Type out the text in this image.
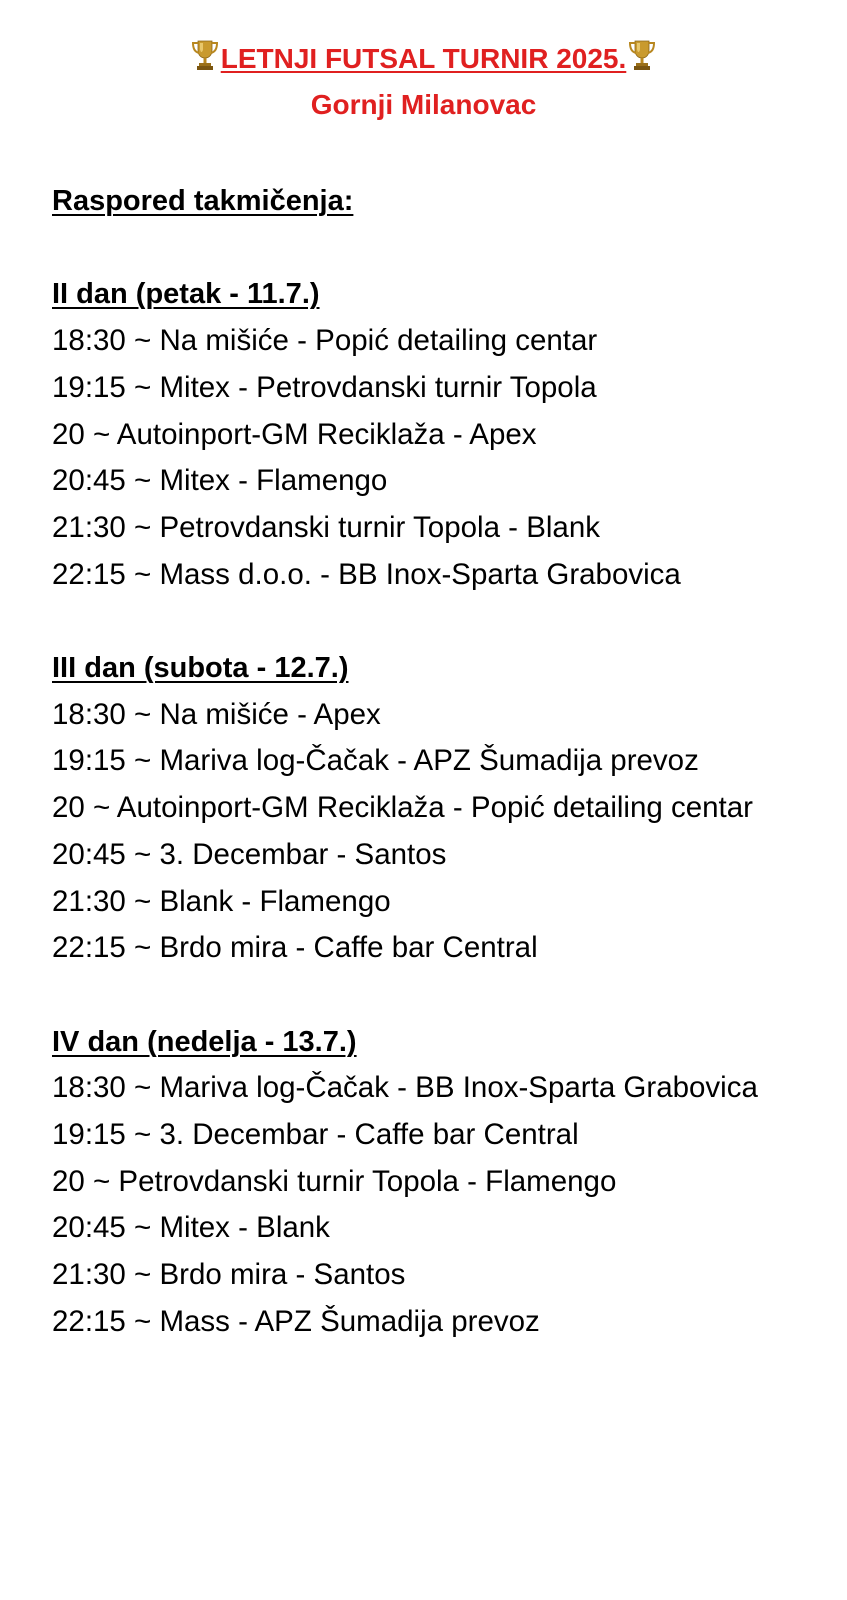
LETNJI FUTSAL TURNIR 2025.
Gornji Milanovac
Raspored takmičenja:
II dan (petak - 11.7.)

18:30 ~ Na mišiće - Popić detailing centar

19:15 ~ Mitex - Petrovdanski turnir Topola

20 ~ Autoinport-GM Reciklaža - Apex

20:45 ~ Mitex - Flamengo

21:30 ~ Petrovdanski turnir Topola - Blank

22:15 ~ Mass d.o.o. - BB Inox-Sparta Grabovica

III dan (subota - 12.7.)

18:30 ~ Na mišiće - Apex

19:15 ~ Mariva log-Čačak - APZ Šumadija prevoz

20 ~ Autoinport-GM Reciklaža - Popić detailing centar

20:45 ~ 3. Decembar - Santos

21:30 ~ Blank - Flamengo

22:15 ~ Brdo mira - Caffe bar Central

IV dan (nedelja - 13.7.)

18:30 ~ Mariva log-Čačak - BB Inox-Sparta Grabovica

19:15 ~ 3. Decembar - Caffe bar Central

20 ~ Petrovdanski turnir Topola - Flamengo

20:45 ~ Mitex - Blank

21:30 ~ Brdo mira - Santos

22:15 ~ Mass - APZ Šumadija prevoz
